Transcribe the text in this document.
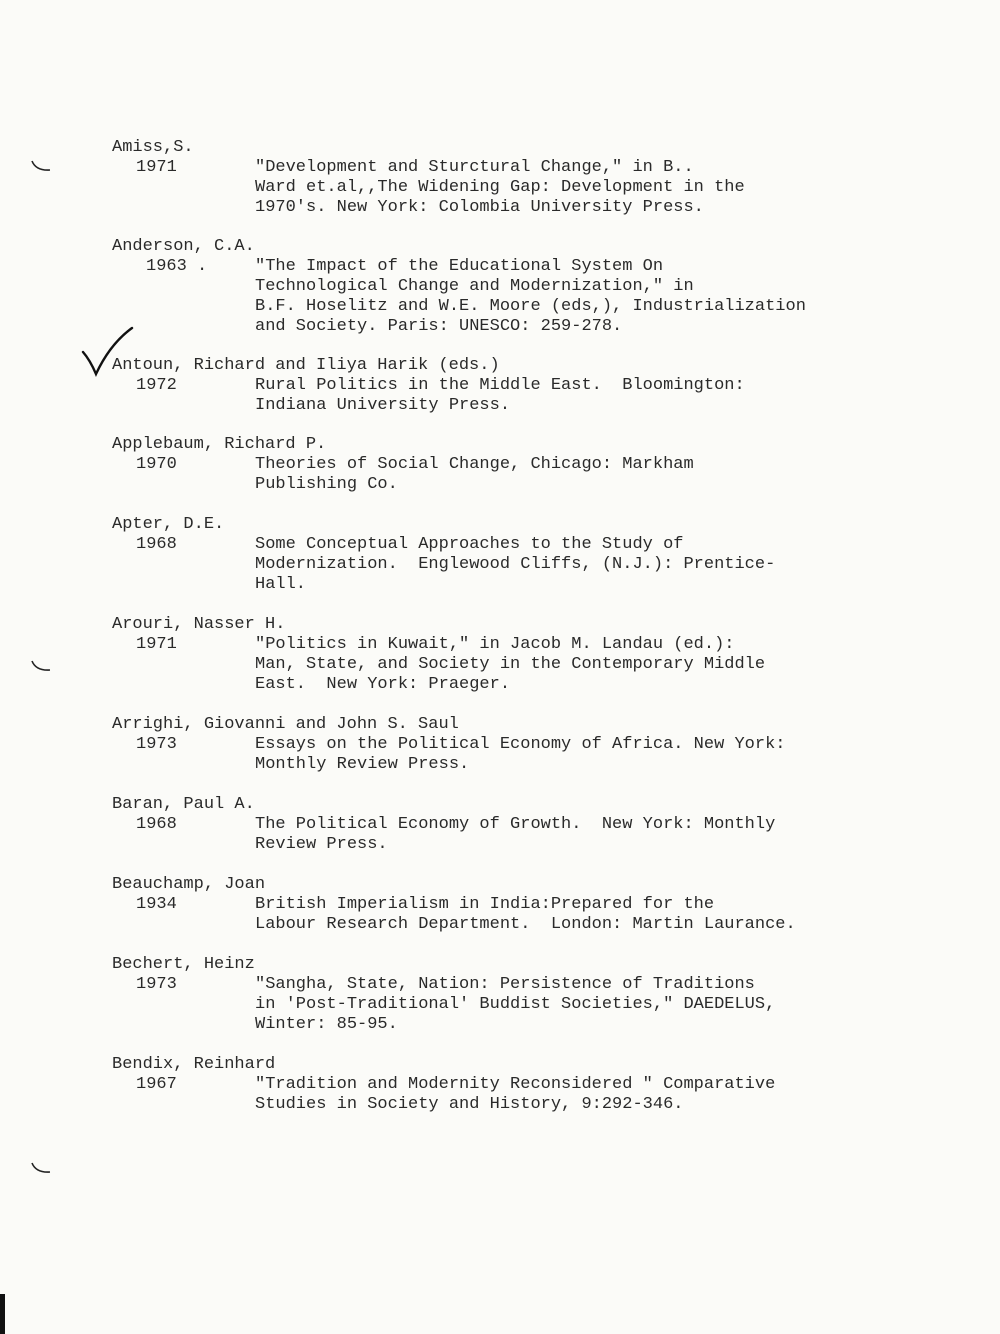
Amiss,S.
1971	"Development and Sturctural Change," in B..
Ward et.al,,The Widening Gap: Development in the
1970's. New York: Colombia University Press.
Anderson, C.A.
1963 .	"The Impact of the Educational System On
Technological Change and Modernization," in
B.F. Hoselitz and W.E. Moore (eds,), Industrialization
and Society. Paris: UNESCO: 259-278.
Antoun, Richard and Iliya Harik (eds.)
1972	Rural Politics in the Middle East.  Bloomington:
Indiana University Press.
Applebaum, Richard P.
1970	Theories of Social Change, Chicago: Markham
Publishing Co.
Apter, D.E.
1968	Some Conceptual Approaches to the Study of
Modernization.  Englewood Cliffs, (N.J.): Prentice-
Hall.
Arouri, Nasser H.
1971	"Politics in Kuwait," in Jacob M. Landau (ed.):
Man, State, and Society in the Contemporary Middle
East.  New York: Praeger.
Arrighi, Giovanni and John S. Saul
1973	Essays on the Political Economy of Africa. New York:
Monthly Review Press.
Baran, Paul A.
1968	The Political Economy of Growth.  New York: Monthly
Review Press.
Beauchamp, Joan
1934	British Imperialism in India:Prepared for the
Labour Research Department.  London: Martin Laurance.
Bechert, Heinz
1973	"Sangha, State, Nation: Persistence of Traditions
in 'Post-Traditional' Buddist Societies," DAEDELUS,
Winter: 85-95.
Bendix, Reinhard
1967	"Tradition and Modernity Reconsidered " Comparative
Studies in Society and History, 9:292-346.
